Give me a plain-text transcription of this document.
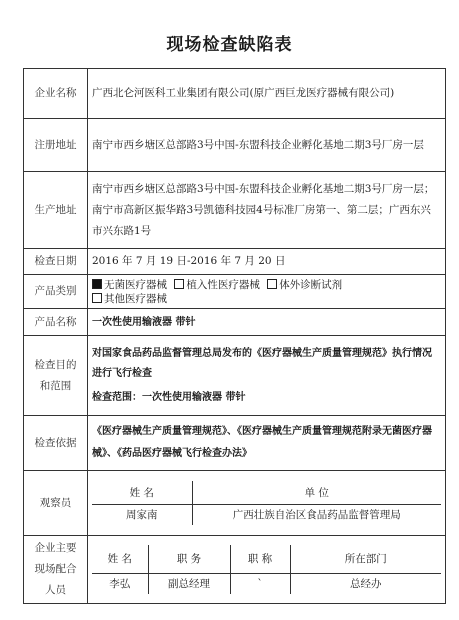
现场检查缺陷表
企业名称	广西北仑河医科工业集团有限公司(原广西巨龙医疗器械有限公司)
注册地址	南宁市西乡塘区总部路3号中国-东盟科技企业孵化基地二期3号厂房一层
生产地址	南宁市西乡塘区总部路3号中国-东盟科技企业孵化基地二期3号厂房一层；南宁市高新区振华路3号凯德科技园4号标准厂房第一、第二层；广西东兴市兴东路1号
检查日期	2016 年 7 月 19 日-2016 年 7 月 20 日
产品类别	无菌医疗器械 植入性医疗器械 体外诊断试剂
其他医疗器械
产品名称	一次性使用输液器 带针
检查目的和范围	
对国家食品药品监督管理总局发布的《医疗器械生产质量管理规范》执行情况进行飞行检查
检查范围：一次性使用输液器 带针

检查依据	《医疗器械生产质量管理规范》、《医疗器械生产质量管理规范附录无菌医疗器械》、《药品医疗器械飞行检查办法》
观察员	
姓 名	单 位
周家南	广西壮族自治区食品药品监督管理局

企业主要现场配合人员	
姓 名	职 务	职 称	所在部门
李弘	副总经理	`	总经办
